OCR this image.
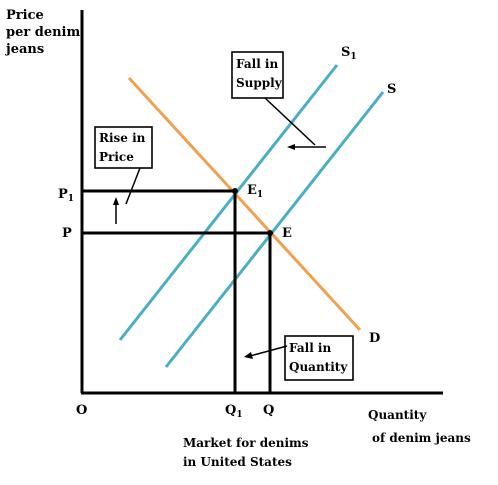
Price per denim jeans
$P_1$
P
O	$Q_1$ Q	Quantity of denim jeans
$S_1$
S
D
$E_1$
E
Fall in Supply
Rise in Price
Fall in Quantity
Market for denims in United States
